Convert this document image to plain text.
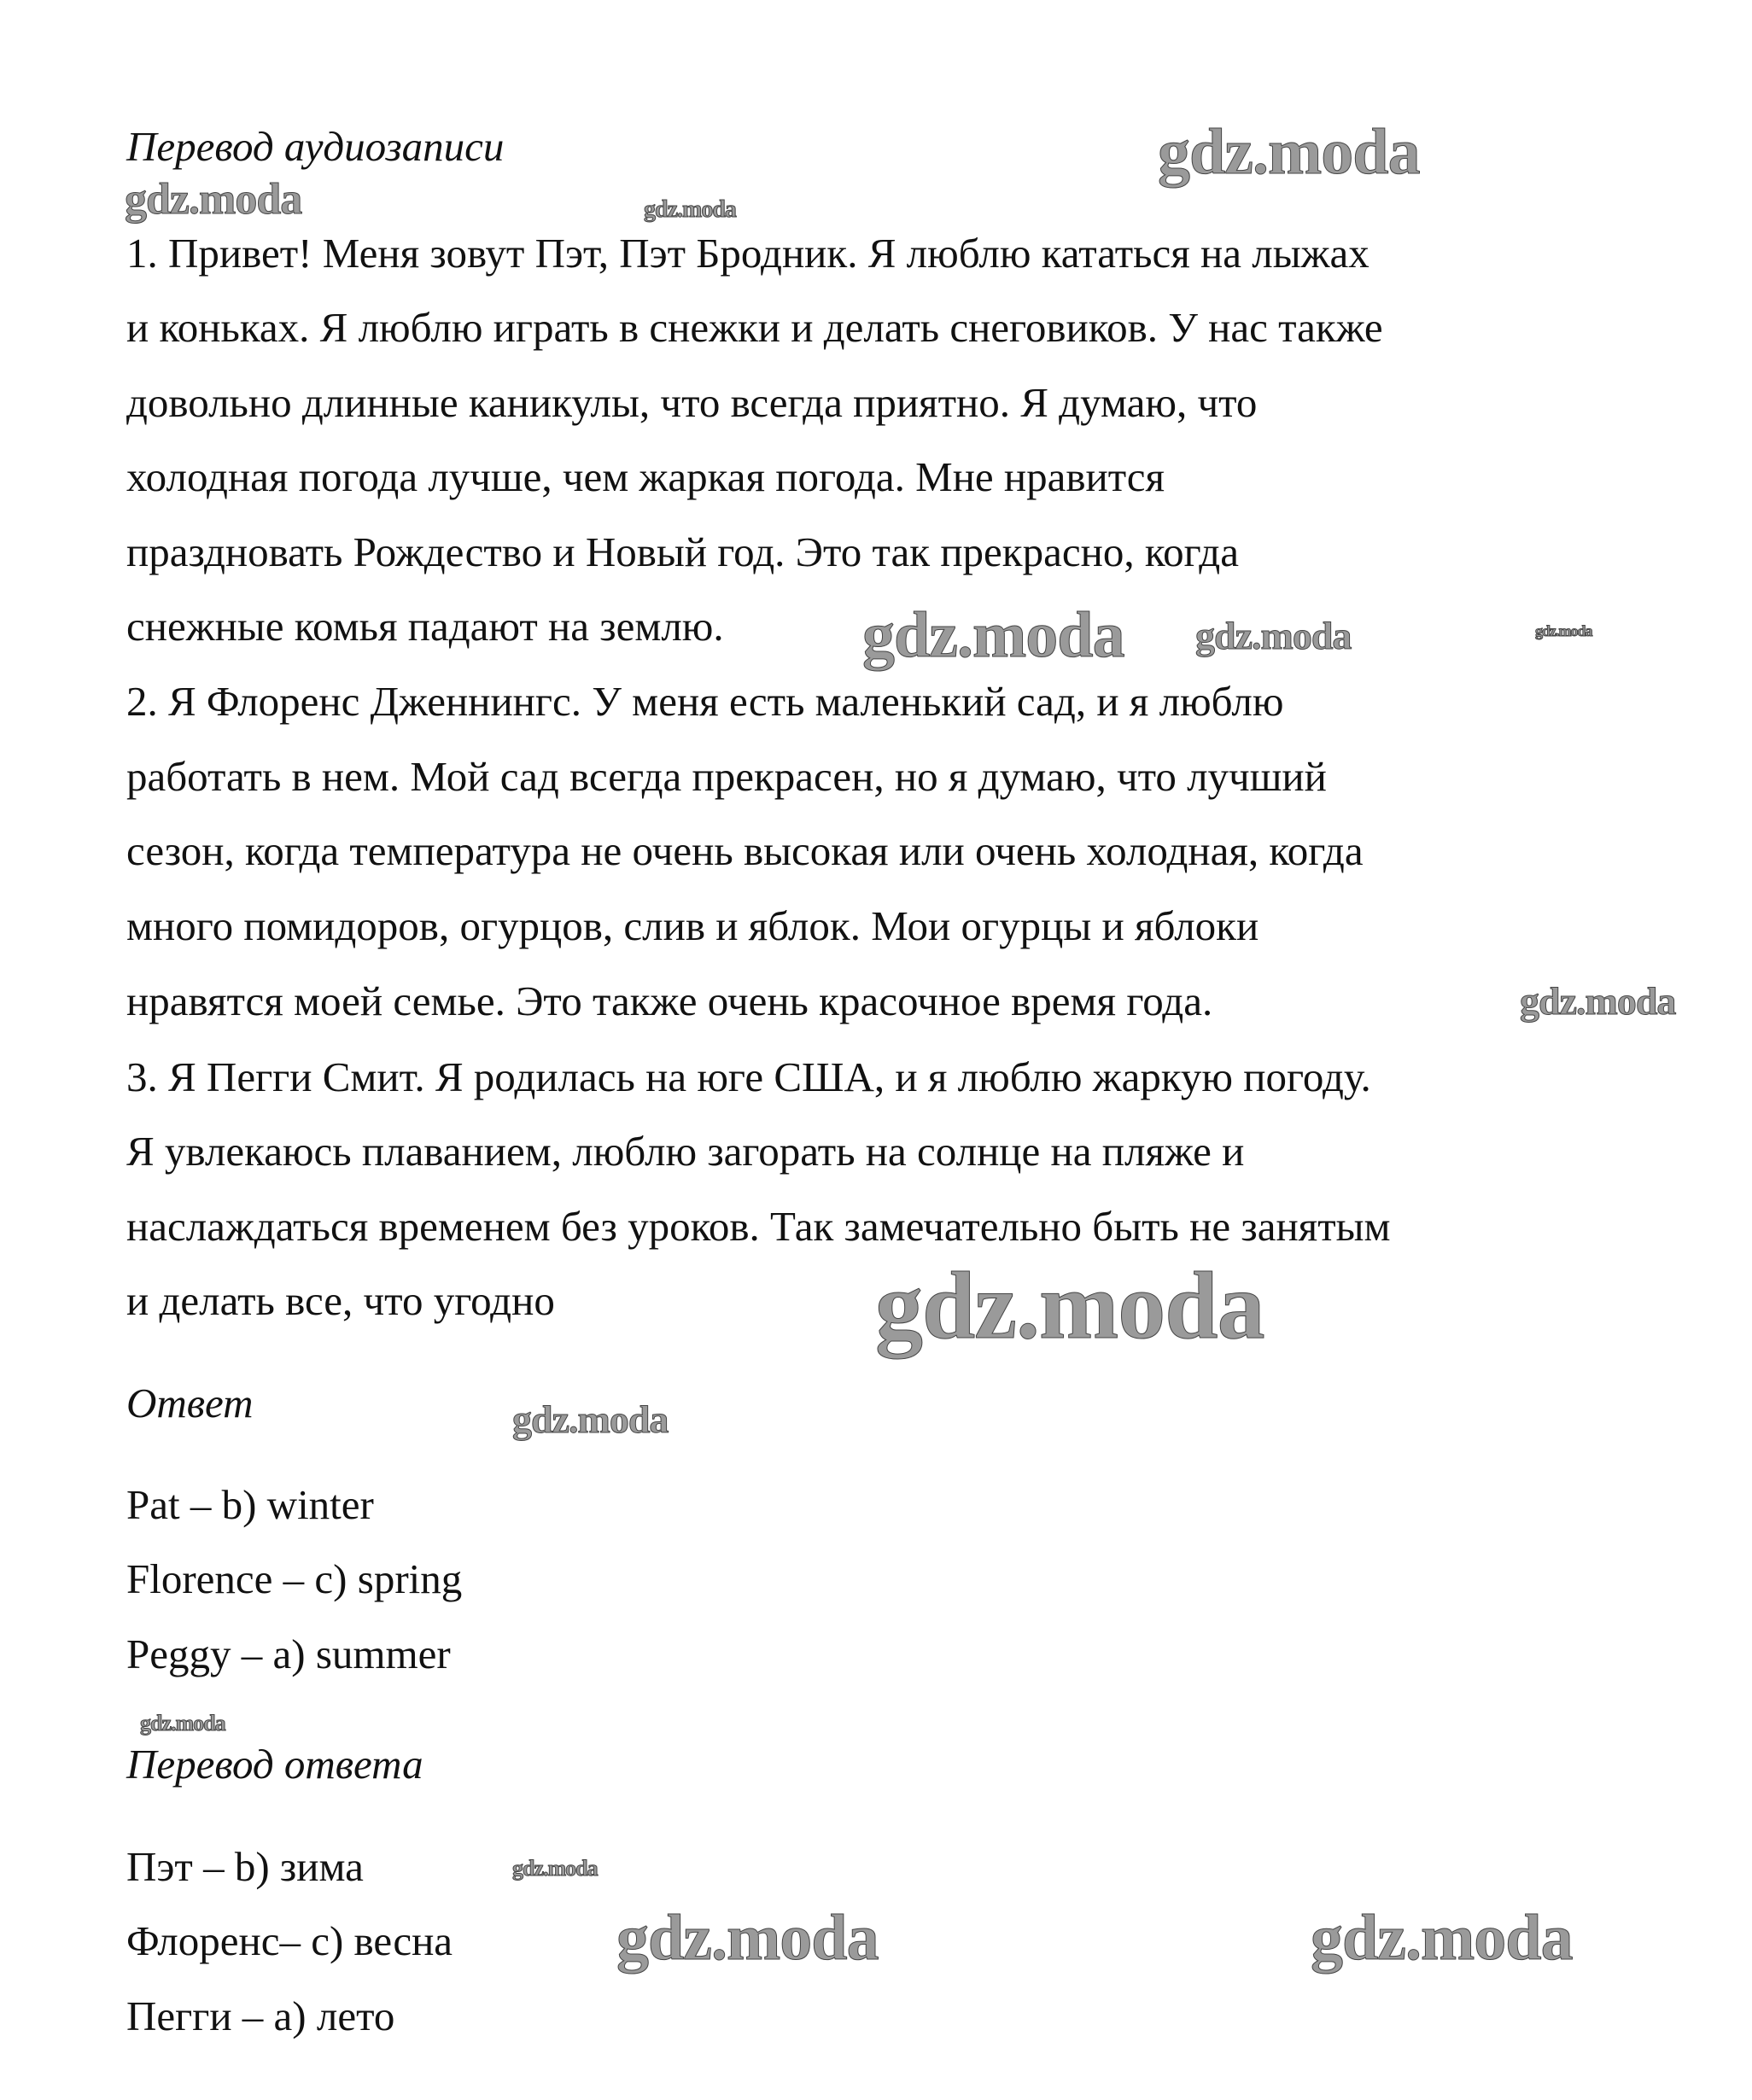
Перевод аудиозаписи
1. Привет! Меня зовут Пэт, Пэт Бродник. Я люблю кататься на лыжах
и коньках. Я люблю играть в снежки и делать снеговиков. У нас также
довольно длинные каникулы, что всегда приятно. Я думаю, что
холодная погода лучше, чем жаркая погода. Мне нравится
праздновать Рождество и Новый год. Это так прекрасно, когда
снежные комья падают на землю.
2. Я Флоренс Дженнингс. У меня есть маленький сад, и я люблю
работать в нем. Мой сад всегда прекрасен, но я думаю, что лучший
сезон, когда температура не очень высокая или очень холодная, когда
много помидоров, огурцов, слив и яблок. Мои огурцы и яблоки
нравятся моей семье. Это также очень красочное время года.
3. Я Пегги Смит. Я родилась на юге США, и я люблю жаркую погоду.
Я увлекаюсь плаванием, люблю загорать на солнце на пляже и
наслаждаться временем без уроков. Так замечательно быть не занятым
и делать все, что угодно
Ответ
Pat – b) winter
Florence – c) spring
Peggy – a) summer
Перевод ответа
Пэт – b) зима
Флоренс– c) весна
Пегги – a) лето
gdz.moda	gdz.moda
gdz.moda
gdz.moda	gdz.moda
gdz.moda
gdz.moda
gdz.moda
gdz.moda
gdz.moda
gdz.moda
gdz.moda	gdz.moda
